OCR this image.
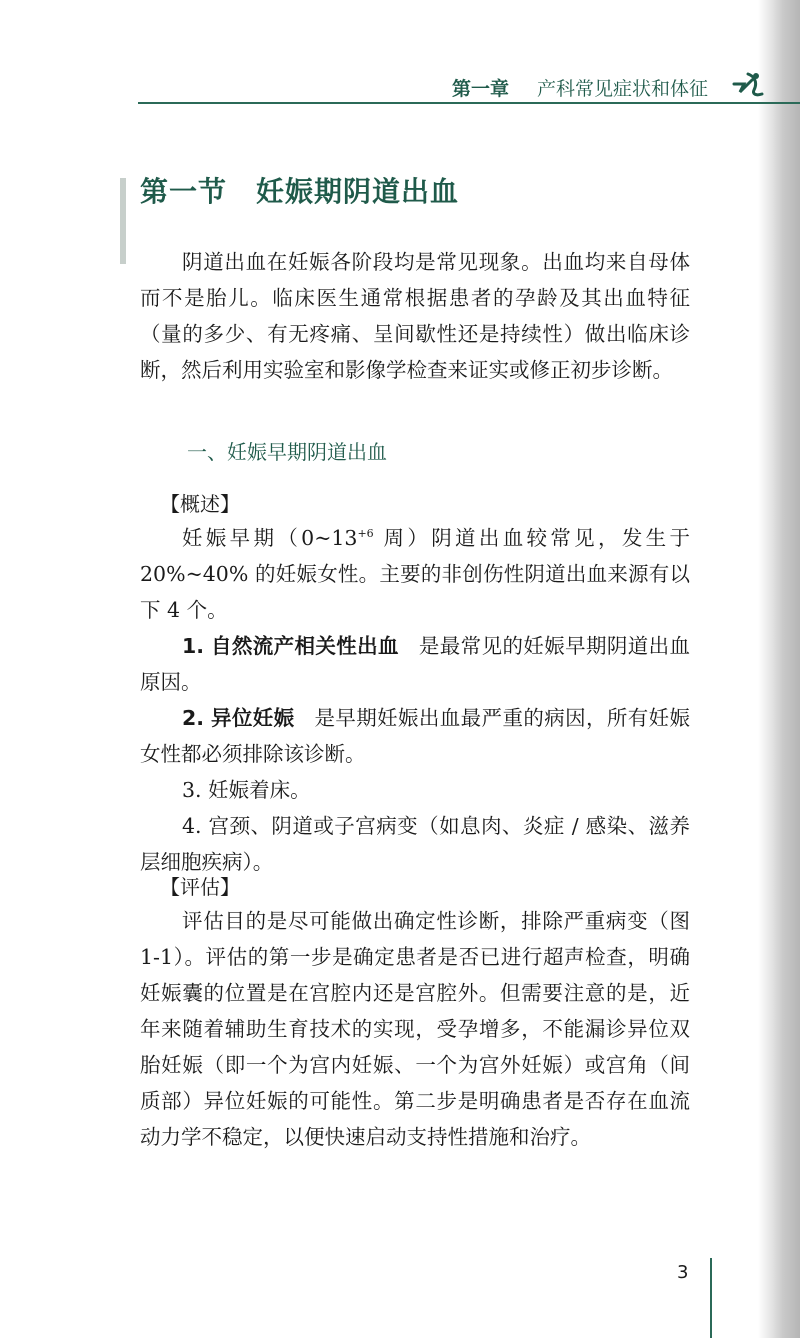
第一章 产科常见症状和体征
第一节　妊娠期阴道出血

阴道出血在妊娠各阶段均是常见现象。出血均来自母体而不是胎儿。临床医生通常根据患者的孕龄及其出血特征（量的多少、有无疼痛、呈间歇性还是持续性）做出临床诊断，然后利用实验室和影像学检查来证实或修正初步诊断。

一、妊娠早期阴道出血
【概述】

妊娠早期（$0\sim 13^{+6}$ 周）阴道出血较常见，发生于 20%~40% 的妊娠女性。主要的非创伤性阴道出血来源有以下 4 个。

1. 自然流产相关性出血 是最常见的妊娠早期阴道出血原因。

2. 异位妊娠 是早期妊娠出血最严重的病因，所有妊娠女性都必须排除该诊断。

3. 妊娠着床。

4. 宫颈、阴道或子宫病变（如息肉、炎症 / 感染、滋养层细胞疾病）。

【评估】

评估目的是尽可能做出确定性诊断，排除严重病变（图 1-1）。评估的第一步是确定患者是否已进行超声检查，明确妊娠囊的位置是在宫腔内还是宫腔外。但需要注意的是，近年来随着辅助生育技术的实现，受孕增多，不能漏诊异位双胎妊娠（即一个为宫内妊娠、一个为宫外妊娠）或宫角（间质部）异位妊娠的可能性。第二步是明确患者是否存在血流动力学不稳定，以便快速启动支持性措施和治疗。

3
